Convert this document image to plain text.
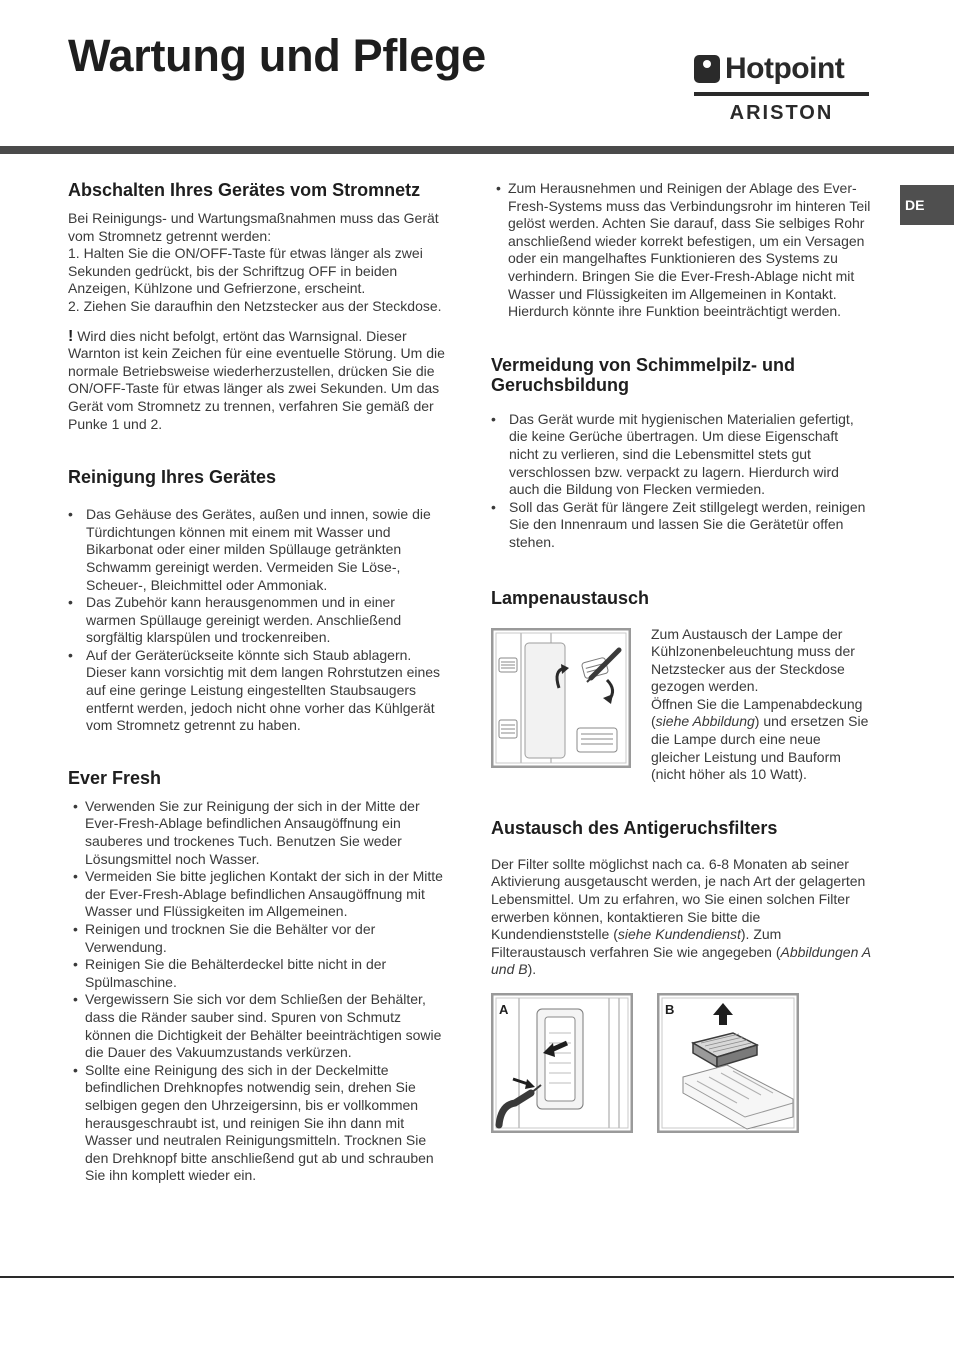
Wartung und Pflege	Hotpoint
ARISTON
DE
Abschalten Ihres Gerätes vom Stromnetz

Bei Reinigungs- und Wartungsmaßnahmen muss das Gerät vom Stromnetz getrennt werden:

1. Halten Sie die ON/OFF-Taste für etwas länger als zwei Sekunden gedrückt, bis der Schriftzug OFF in beiden Anzeigen, Kühlzone und Gefrierzone, erscheint.

2. Ziehen Sie daraufhin den Netzstecker aus der Steckdose.

! Wird dies nicht befolgt, ertönt das Warnsignal. Dieser Warnton ist kein Zeichen für eine eventuelle Störung. Um die normale Betriebsweise wiederherzustellen, drücken Sie die ON/OFF-Taste für etwas länger als zwei Sekunden. Um das Gerät vom Stromnetz zu trennen, verfahren Sie gemäß der Punke 1 und 2.

Reinigung Ihres Gerätes
• Das Gehäuse des Gerätes, außen und innen, sowie die Türdichtungen können mit einem mit Wasser und Bikarbonat oder einer milden Spüllauge getränkten Schwamm gereinigt werden. Vermeiden Sie Löse-, Scheuer-, Bleichmittel oder Ammoniak.
• Das Zubehör kann herausgenommen und in einer warmen Spüllauge gereinigt werden. Anschließend sorgfältig klarspülen und trockenreiben.
• Auf der Geräterückseite könnte sich Staub ablagern. Dieser kann vorsichtig mit dem langen Rohrstutzen eines auf eine geringe Leistung eingestellten Staubsaugers entfernt werden, jedoch nicht ohne vorher das Kühlgerät vom Stromnetz getrennt zu haben.
Ever Fresh
• Verwenden Sie zur Reinigung der sich in der Mitte der Ever-Fresh-Ablage befindlichen Ansaugöffnung ein sauberes und trockenes Tuch. Benutzen Sie weder Lösungsmittel noch Wasser.
• Vermeiden Sie bitte jeglichen Kontakt der sich in der Mitte der Ever-Fresh-Ablage befindlichen Ansaugöffnung mit Wasser und Flüssigkeiten im Allgemeinen.
• Reinigen und trocknen Sie die Behälter vor der Verwendung.
• Reinigen Sie die Behälterdeckel bitte nicht in der Spülmaschine.
• Vergewissern Sie sich vor dem Schließen der Behälter, dass die Ränder sauber sind. Spuren von Schmutz können die Dichtigkeit der Behälter beeinträchtigen sowie die Dauer des Vakuumzustands verkürzen.
• Sollte eine Reinigung des sich in der Deckelmitte befindlichen Drehknopfes notwendig sein, drehen Sie selbigen gegen den Uhrzeigersinn, bis er vollkommen herausgeschraubt ist, und reinigen Sie ihn dann mit Wasser und neutralen Reinigungsmitteln. Trocknen Sie den Drehknopf bitte anschließend gut ab und schrauben Sie ihn komplett wieder ein.
• Zum Herausnehmen und Reinigen der Ablage des Ever-Fresh-Systems muss das Verbindungsrohr im hinteren Teil gelöst werden. Achten Sie darauf, dass Sie selbiges Rohr anschließend wieder korrekt befestigen, um ein Versagen oder ein mangelhaftes Funktionieren des Systems zu verhindern. Bringen Sie die Ever-Fresh-Ablage nicht mit Wasser und Flüssigkeiten im Allgemeinen in Kontakt. Hierdurch könnte ihre Funktion beeinträchtigt werden.
Vermeidung von Schimmelpilz- und Geruchsbildung
• Das Gerät wurde mit hygienischen Materialien gefertigt, die keine Gerüche übertragen. Um diese Eigenschaft nicht zu verlieren, sind die Lebensmittel stets gut verschlossen bzw. verpackt zu lagern. Hierdurch wird auch die Bildung von Flecken vermieden.
• Soll das Gerät für längere Zeit stillgelegt werden, reinigen Sie den Innenraum und lassen Sie die Gerätetür offen stehen.
Lampenaustausch

Zum Austausch der Lampe der Kühlzonenbeleuchtung muss der Netzstecker aus der Steckdose gezogen werden.

Öffnen Sie die Lampenabdeckung (siehe Abbildung) und ersetzen Sie die Lampe durch eine neue gleicher Leistung und Bauform (nicht höher als 10 Watt).

Austausch des Antigeruchsfilters

Der Filter sollte möglichst nach ca. 6-8 Monaten ab seiner Aktivierung ausgetauscht werden, je nach Art der gelagerten Lebensmittel. Um zu erfahren, wo Sie einen solchen Filter erwerben können, kontaktieren Sie bitte die Kundendienststelle (siehe Kundendienst). Zum Filteraustausch verfahren Sie wie angegeben (Abbildungen A und B).

A	B
